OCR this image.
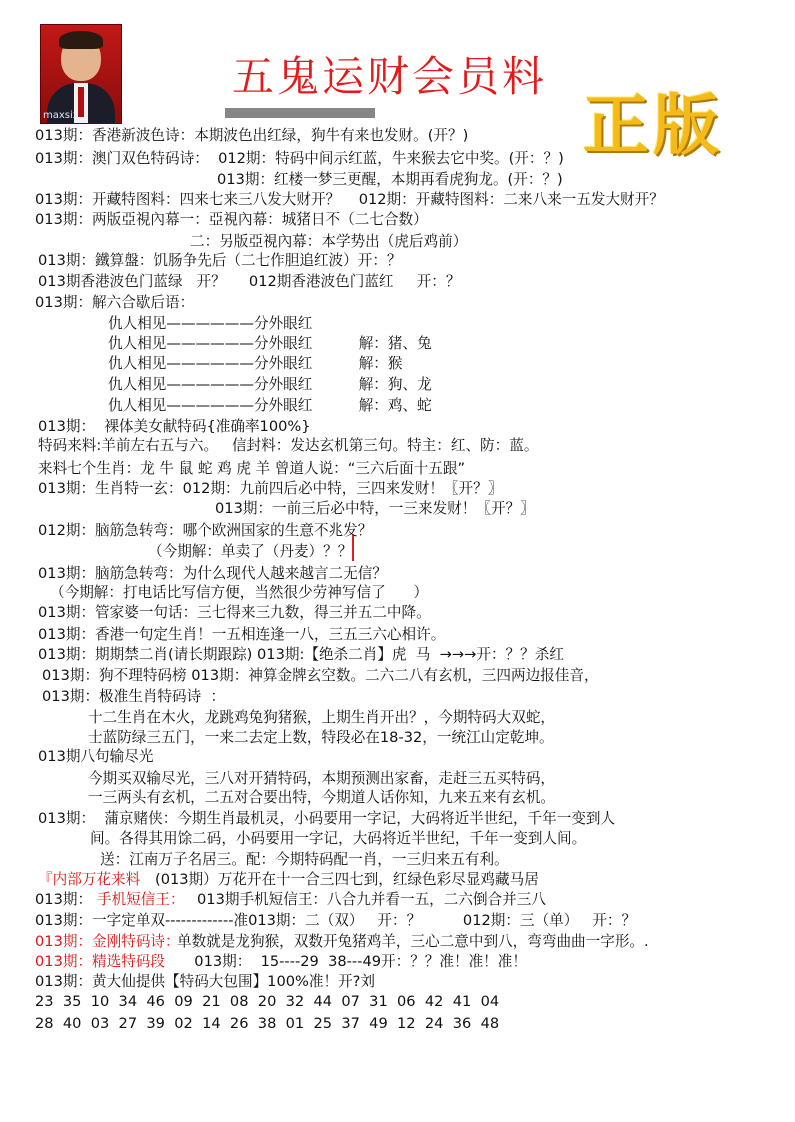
maxsix
五鬼运财会员料
正版
013期：香港新波色诗：本期波色出红绿，狗牛有来也发财。(开？)
013期：澳门双色特码诗：  012期：特码中间示红蓝，牛来猴去它中奖。(开：？)
013期：红楼一梦三更醒，本期再看虎狗龙。(开：？)
013期：开藏特图料：四来七来三八发大财开？    012期：开藏特图料：二来八来一五发大财开？
013期：两版亞視內幕一：亞視內幕：城猪日不（二七合数）
二：另版亞視內幕：本学势出（虎后鸡前）
013期：鐵算盤：饥肠争先后（二七作胆追红波）开：？
013期香港波色门蓝绿   开？     012期香港波色门蓝红     开：？
013期：解六合歇后语：
仇人相见——————分外眼红
仇人相见——————分外眼红          解：猪、兔
仇人相见——————分外眼红          解：猴
仇人相见——————分外眼红          解：狗、龙
仇人相见——————分外眼红          解：鸡、蛇
013期：  裸体美女献特码{准确率100%}
特码来料:羊前左右五与六。   信封料：发达玄机第三句。特主：红、防：蓝。
来料七个生肖：龙 牛 鼠 蛇 鸡 虎 羊 曾道人说：“三六后面十五跟”
013期：生肖特一玄：012期：九前四后必中特，三四来发财！〖开？〗
013期：一前三后必中特，一三来发财！〖开？〗
012期：脑筋急转弯：哪个欧洲国家的生意不兆发？
（今期解：单卖了（丹麦）？？
013期：脑筋急转弯：为什么现代人越来越言二无信？
（今期解：打电话比写信方便，当然很少劳神写信了      ）
013期：管家婆一句话：三七得来三九数，得三并五二中降。
013期：香港一句定生肖！一五相连逢一八，三五三六心相许。
013期：期期禁二肖(请长期跟踪) 013期:【绝杀二肖】虎  马  →→→开：？？杀红
013期：狗不理特码榜 013期：神算金牌玄空数。二六二八有玄机，三四两边报佳音，
013期：极准生肖特码诗  ：
十二生肖在木火，龙跳鸡兔狗猪猴，上期生肖开出？，今期特码大双蛇，
士蓝防绿三五门，一来二去定上数，特段必在18-32，一统江山定乾坤。
013期八句输尽光
今期买双输尽光，三八对开猜特码，本期预测出家畜，走赶三五买特码，
一三两头有玄机，二五对合要出特，今期道人话你知，九来五来有玄机。
013期：  蒲京赌侠：今期生肖最机灵，小码要用一字记，大码将近半世纪，千年一变到人
间。各得其用馀二码，小码要用一字记，大码将近半世纪，千年一变到人间。
送：江南万子名居三。配：今期特码配一肖，一三归来五有利。
『内部万花来料 (013期）万花开在十一合三四七到，红绿色彩尽显鸡藏马居
013期： 手机短信王： 013期手机短信王：八合九并看一五，二六倒合并三八
013期：一字定单双-------------准013期：二（双）   开：？         012期：三（单）   开：？
013期：金刚特码诗：
单数就是龙狗猴，双数开兔猪鸡羊，三心二意中到八，弯弯曲曲一字形。.
013期：精选特码段 013期：  15----29  38---49开：？？准！准！准！
013期：黄大仙提供【特码大包围】100%准！开?刘
23  35  10  34  46  09  21  08  20  32  44  07  31  06  42  41  04
28  40  03  27  39  02  14  26  38  01  25  37  49  12  24  36  48
